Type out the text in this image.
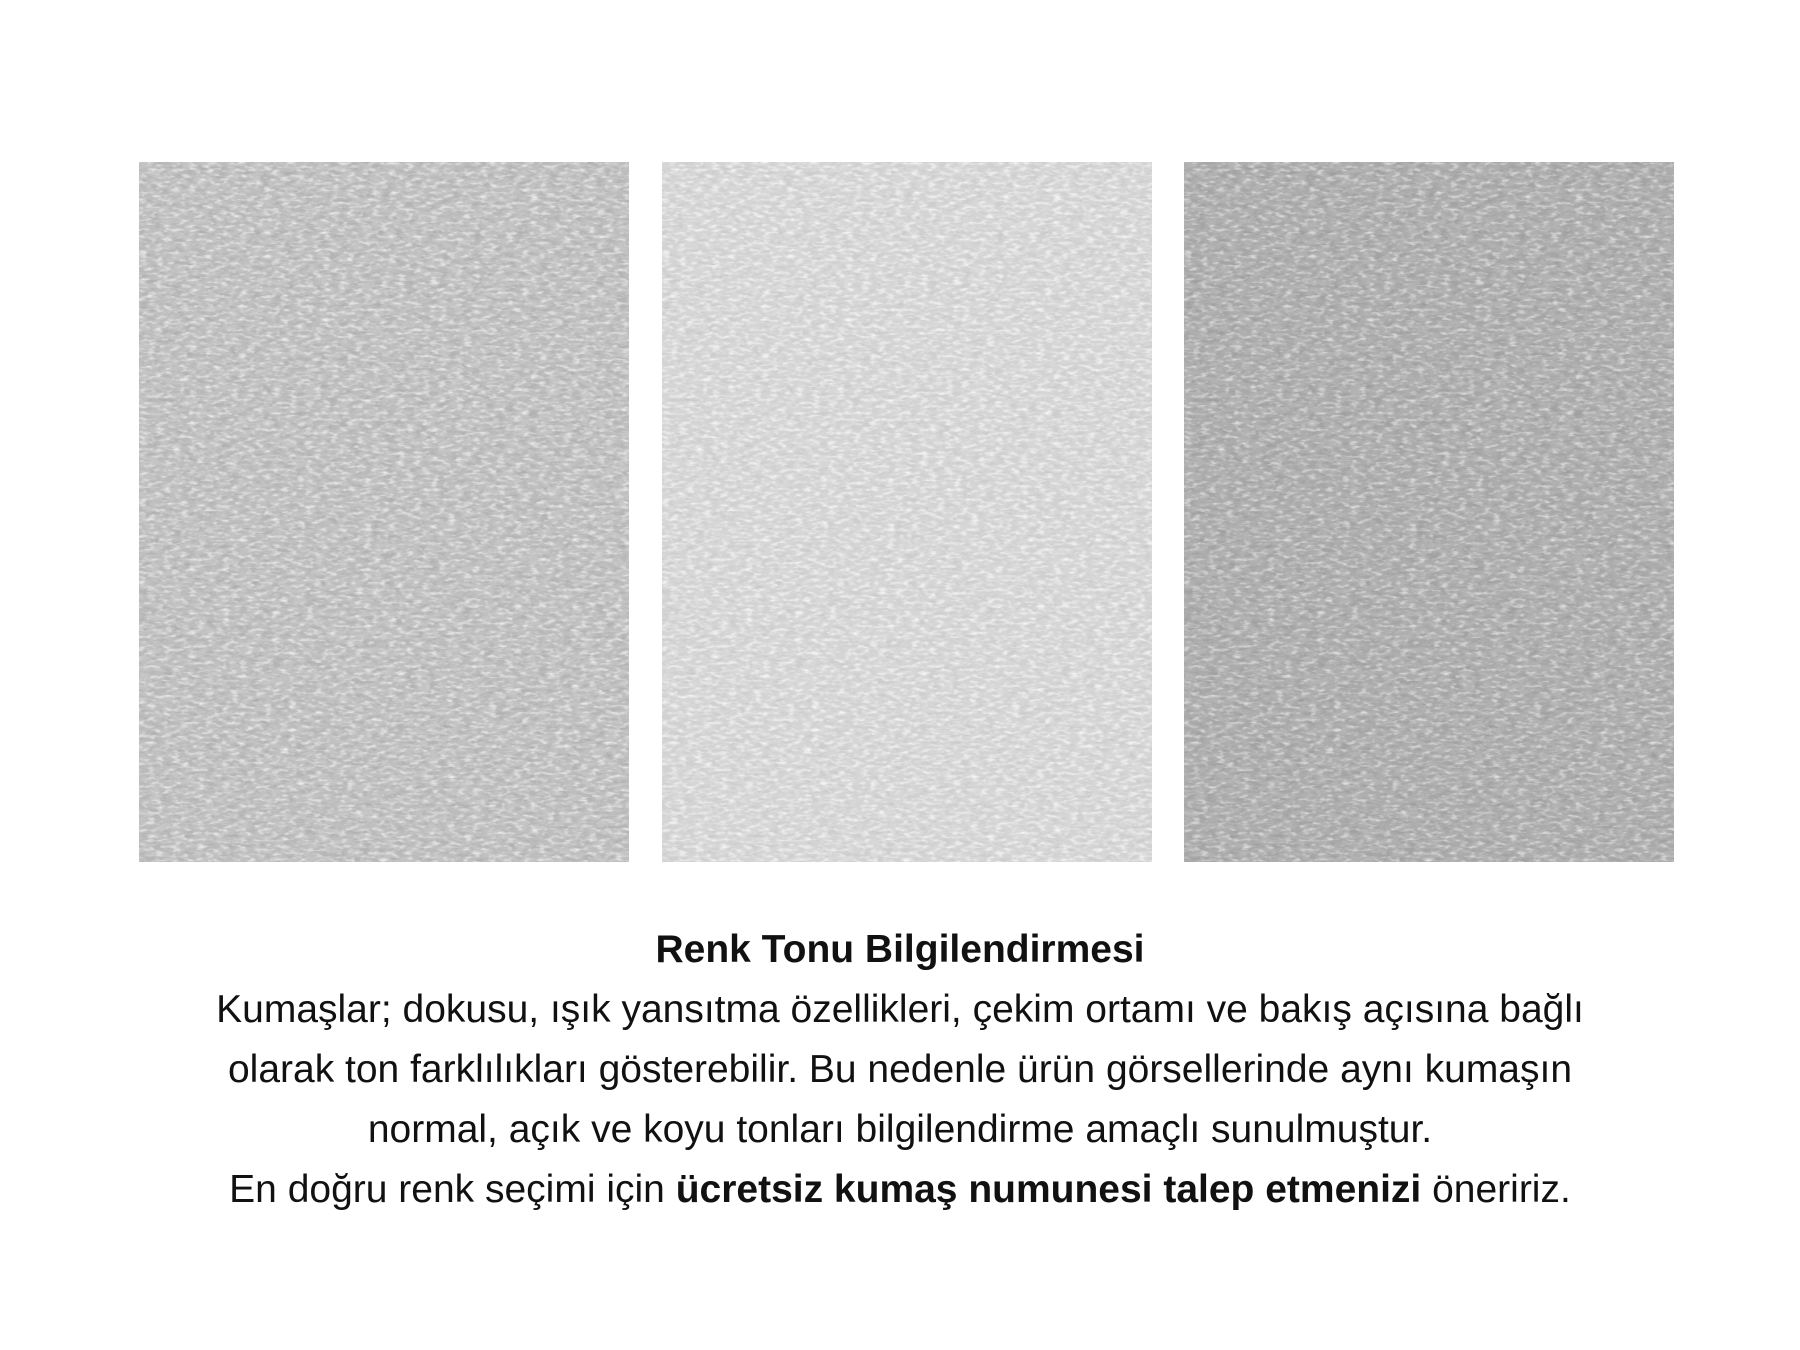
Renk Tonu Bilgilendirmesi

Kumaşlar; dokusu, ışık yansıtma özellikleri, çekim ortamı ve bakış açısına bağlı

olarak ton farklılıkları gösterebilir. Bu nedenle ürün görsellerinde aynı kumaşın

normal, açık ve koyu tonları bilgilendirme amaçlı sunulmuştur.

En doğru renk seçimi için ücretsiz kumaş numunesi talep etmenizi öneririz.
